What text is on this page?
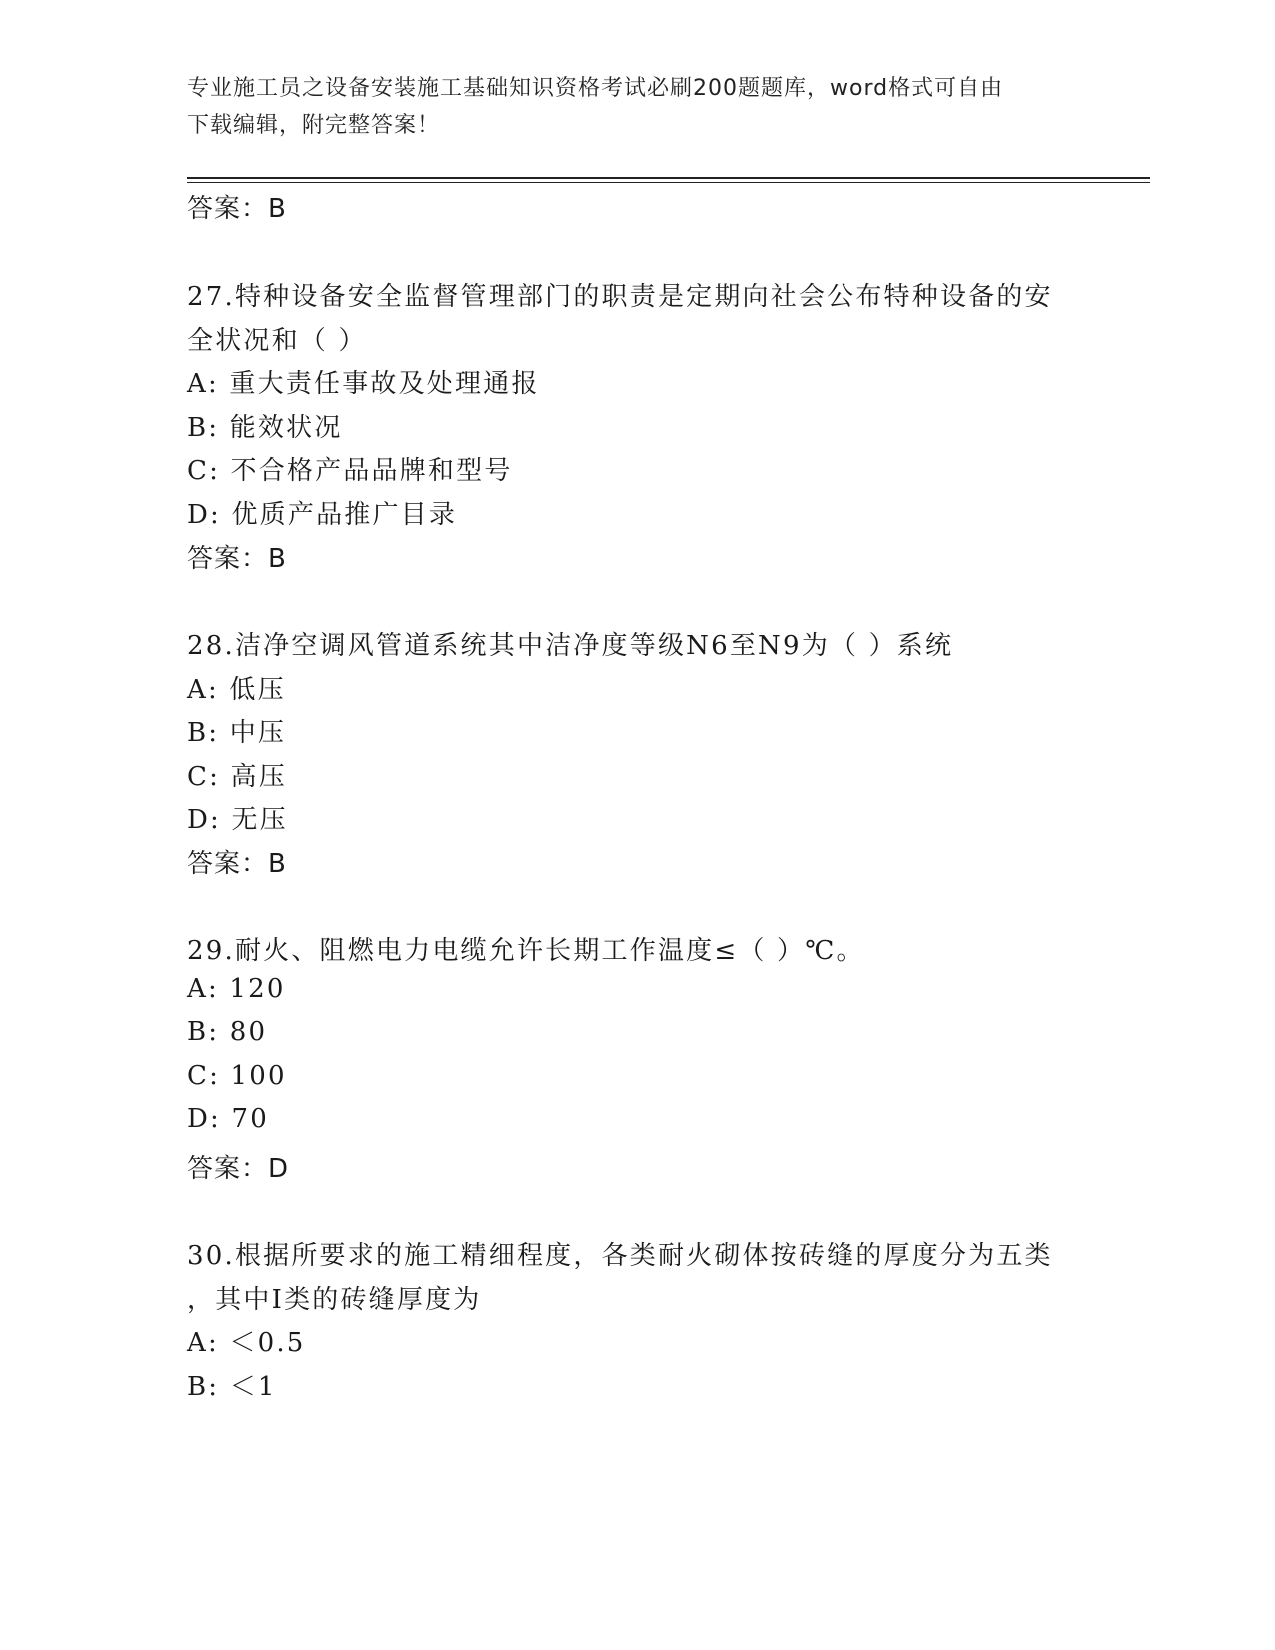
专业施工员之设备安装施工基础知识资格考试必刷200题题库，word格式可自由
下载编辑，附完整答案！
答案：B
27.特种设备安全监督管理部门的职责是定期向社会公布特种设备的安
全状况和（ ）
A: 重大责任事故及处理通报
B: 能效状况
C: 不合格产品品牌和型号
D: 优质产品推广目录
答案：B
28.洁净空调风管道系统其中洁净度等级N6至N9为（ ）系统
A: 低压
B: 中压
C: 高压
D: 无压
答案：B
29.耐火、阻燃电力电缆允许长期工作温度≤（ ）℃。
A: 120
B: 80
C: 100
D: 70
答案：D
30.根据所要求的施工精细程度，各类耐火砌体按砖缝的厚度分为五类
，其中Ⅰ类的砖缝厚度为
A: ＜0.5
B: ＜1
